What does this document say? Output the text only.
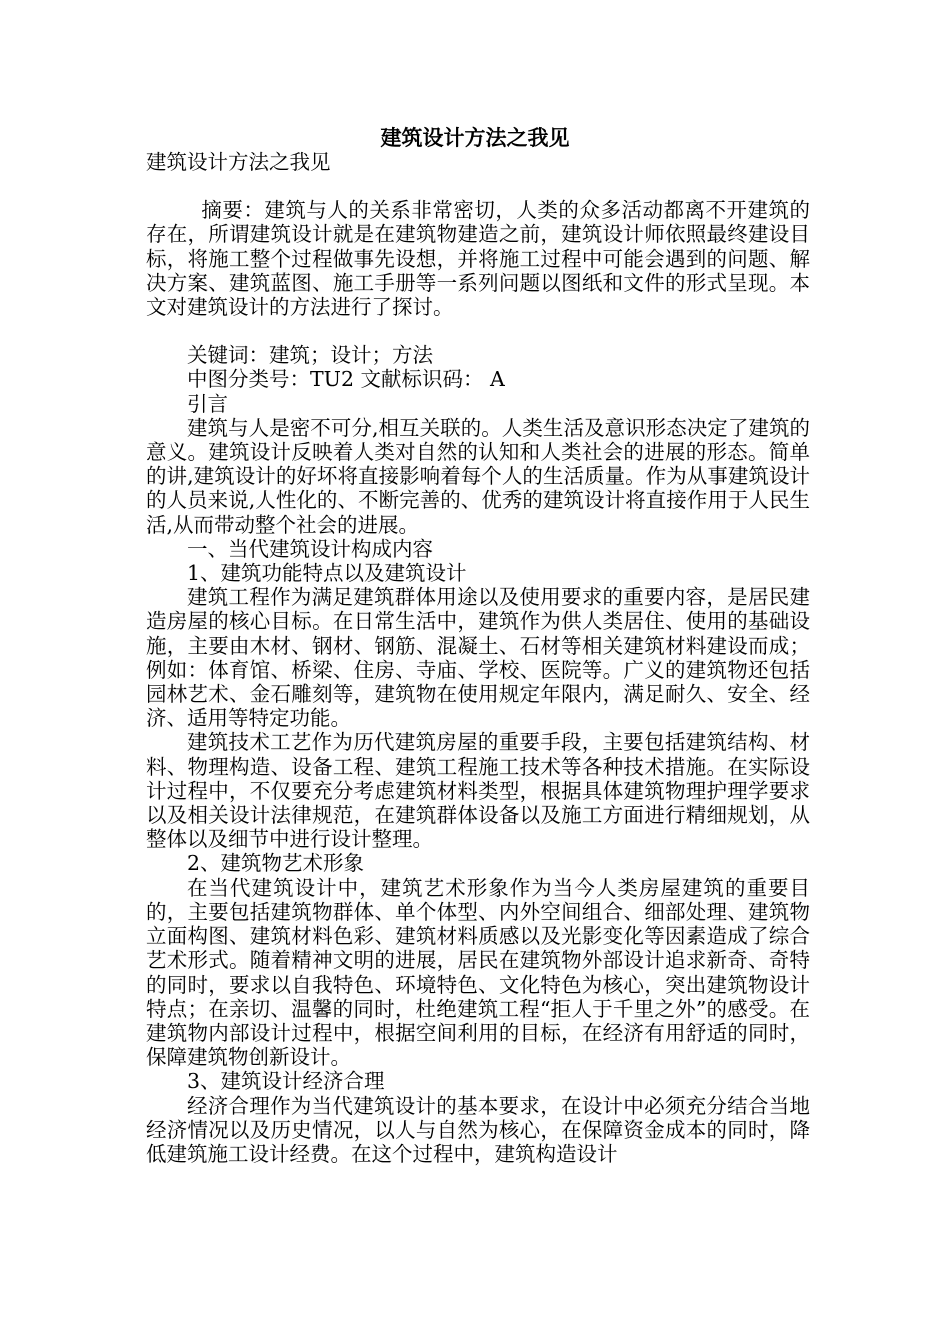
建筑设计方法之我见

建筑设计方法之我见

摘要：建筑与人的关系非常密切，人类的众多活动都离不开建筑的存在，所谓建筑设计就是在建筑物建造之前，建筑设计师依照最终建设目标，将施工整个过程做事先设想，并将施工过程中可能会遇到的问题、解决方案、建筑蓝图、施工手册等一系列问题以图纸和文件的形式呈现。本文对建筑设计的方法进行了探讨。

关键词：建筑；设计；方法

中图分类号：TU2 文献标识码： A

引言

建筑与人是密不可分,相互关联的。人类生活及意识形态决定了建筑的意义。建筑设计反映着人类对自然的认知和人类社会的进展的形态。简单的讲,建筑设计的好坏将直接影响着每个人的生活质量。作为从事建筑设计的人员来说,人性化的、不断完善的、优秀的建筑设计将直接作用于人民生活,从而带动整个社会的进展。

一、当代建筑设计构成内容

1、建筑功能特点以及建筑设计

建筑工程作为满足建筑群体用途以及使用要求的重要内容，是居民建造房屋的核心目标。在日常生活中，建筑作为供人类居住、使用的基础设施，主要由木材、钢材、钢筋、混凝土、石材等相关建筑材料建设而成；例如：体育馆、桥梁、住房、寺庙、学校、医院等。广义的建筑物还包括园林艺术、金石雕刻等，建筑物在使用规定年限内，满足耐久、安全、经济、适用等特定功能。

建筑技术工艺作为历代建筑房屋的重要手段，主要包括建筑结构、材料、物理构造、设备工程、建筑工程施工技术等各种技术措施。在实际设计过程中，不仅要充分考虑建筑材料类型，根据具体建筑物理护理学要求以及相关设计法律规范，在建筑群体设备以及施工方面进行精细规划，从整体以及细节中进行设计整理。

2、建筑物艺术形象

在当代建筑设计中，建筑艺术形象作为当今人类房屋建筑的重要目的，主要包括建筑物群体、单个体型、内外空间组合、细部处理、建筑物立面构图、建筑材料色彩、建筑材料质感以及光影变化等因素造成了综合艺术形式。随着精神文明的进展，居民在建筑物外部设计追求新奇、奇特的同时，要求以自我特色、环境特色、文化特色为核心，突出建筑物设计特点；在亲切、温馨的同时，杜绝建筑工程“拒人于千里之外”的感受。在建筑物内部设计过程中，根据空间利用的目标，在经济有用舒适的同时，保障建筑物创新设计。

3、建筑设计经济合理

经济合理作为当代建筑设计的基本要求，在设计中必须充分结合当地经济情况以及历史情况，以人与自然为核心，在保障资金成本的同时，降低建筑施工设计经费。在这个过程中，建筑构造设计
